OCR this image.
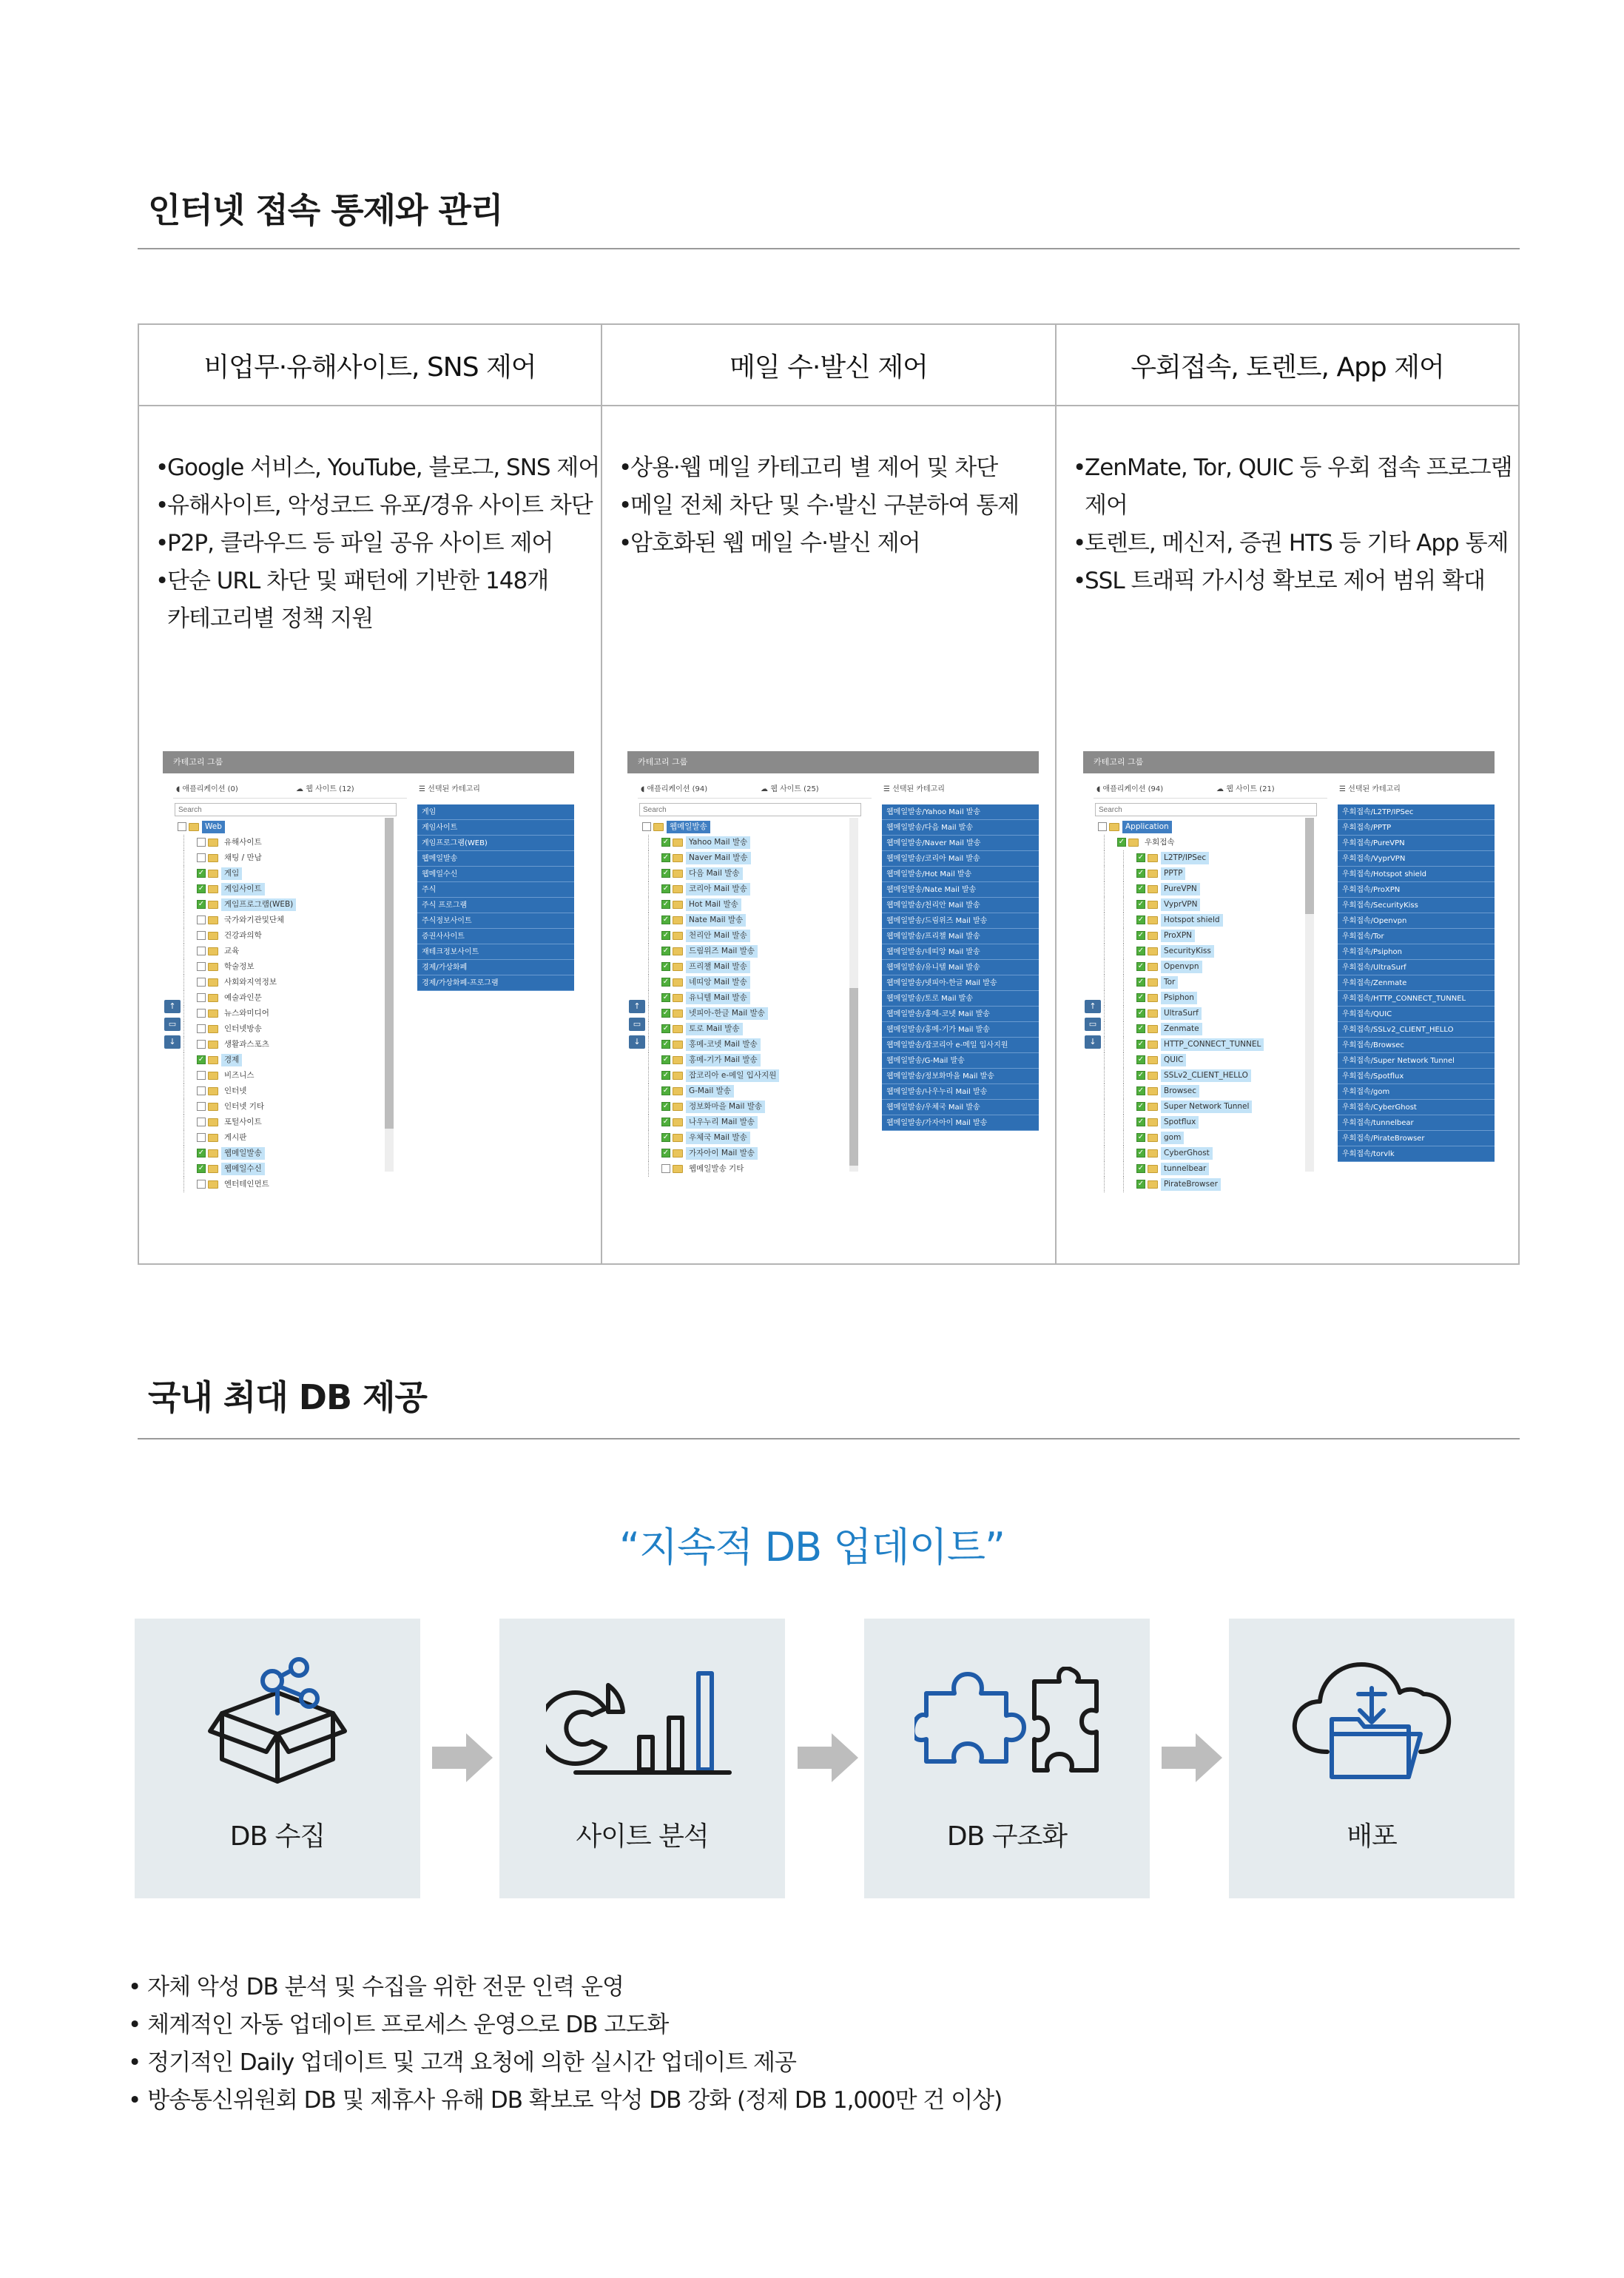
인터넷 접속 통제와 관리
비업무·유해사이트, SNS 제어
•Google 서비스, YouTube, 블로그, SNS 제어
•유해사이트, 악성코드 유포/경유 사이트 차단
•P2P, 클라우드 등 파일 공유 사이트 제어
•단순 URL 차단 및 패턴에 기반한 148개
카테고리별 정책 지원
메일 수·발신 제어
•상용·웹 메일 카테고리 별 제어 및 차단
•메일 전체 차단 및 수·발신 구분하여 통제
•암호화된 웹 메일 수·발신 제어
우회접속, 토렌트, App 제어
•ZenMate, Tor, QUIC 등 우회 접속 프로그램
제어
•토렌트, 메신저, 증권 HTS 등 기타 App 통제
•SSL 트래픽 가시성 확보로 제어 범위 확대
카테고리 그룹
◖ 애플리케이션 (0)	☁ 웹 사이트 (12)	☰ 선택된 카테고리
Search
Web
유해사이트
채팅 / 만남
✓	게임
✓	게임사이트
✓	게임프로그램(WEB)
국가와기관및단체
건강과의학
교육
학술정보
사회와지역정보
예술과인문
뉴스와미디어
인터넷방송
생활과스포츠
✓	경제
비즈니스
인터넷
인터넷 기타
포털사이트
게시판
✓	웹메일발송
✓	웹메일수신
엔터테인먼트
↑
▭
↓
게임
게임사이트
게임프로그램(WEB)
웹메일발송
웹메일수신
주식
주식 프로그램
주식정보사이트
증권사사이트
재테크정보사이트
경제/가상화폐
경제/가상화폐-프로그램
카테고리 그룹
◖ 애플리케이션 (94)	☁ 웹 사이트 (25)	☰ 선택된 카테고리
Search
웹메일발송
✓	Yahoo Mail 발송
✓	Naver Mail 발송
✓	다음 Mail 발송
✓	코리아 Mail 발송
✓	Hot Mail 발송
✓	Nate Mail 발송
✓	천리안 Mail 발송
✓	드림위즈 Mail 발송
✓	프리챌 Mail 발송
✓	네띠앙 Mail 발송
✓	유니텔 Mail 발송
✓	넷피아-한글 Mail 발송
✓	토로 Mail 발송
✓	홍메-코넷 Mail 발송
✓	홍메-기가 Mail 발송
✓	잡코리아 e-메일 입사지원
✓	G-Mail 발송
✓	정보화마을 Mail 발송
✓	나우누리 Mail 발송
✓	우체국 Mail 발송
✓	가자아이 Mail 발송
웹메일발송 기타
↑
▭
↓
웹메일발송/Yahoo Mail 발송
웹메일발송/다음 Mail 발송
웹메일발송/Naver Mail 발송
웹메일발송/코리아 Mail 발송
웹메일발송/Hot Mail 발송
웹메일발송/Nate Mail 발송
웹메일발송/천리안 Mail 발송
웹메일발송/드림위즈 Mail 발송
웹메일발송/프리챌 Mail 발송
웹메일발송/네띠앙 Mail 발송
웹메일발송/유니텔 Mail 발송
웹메일발송/넷피아-한글 Mail 발송
웹메일발송/토로 Mail 발송
웹메일발송/홍메-코넷 Mail 발송
웹메일발송/홍메-기가 Mail 발송
웹메일발송/잡코리아 e-메일 입사지원
웹메일발송/G-Mail 발송
웹메일발송/정보화마을 Mail 발송
웹메일발송/나우누리 Mail 발송
웹메일발송/우체국 Mail 발송
웹메일발송/가자아이 Mail 발송
카테고리 그룹
◖ 애플리케이션 (94)	☁ 웹 사이트 (21)	☰ 선택된 카테고리
Search
Application
✓	우회접속
✓	L2TP/IPSec
✓	PPTP
✓	PureVPN
✓	VyprVPN
✓	Hotspot shield
✓	ProXPN
✓	SecurityKiss
✓	Openvpn
✓	Tor
✓	Psiphon
✓	UltraSurf
✓	Zenmate
✓	HTTP_CONNECT_TUNNEL
✓	QUIC
✓	SSLv2_CLIENT_HELLO
✓	Browsec
✓	Super Network Tunnel
✓	Spotflux
✓	gom
✓	CyberGhost
✓	tunnelbear
✓	PirateBrowser
↑
▭
↓
우회접속/L2TP/IPSec
우회접속/PPTP
우회접속/PureVPN
우회접속/VyprVPN
우회접속/Hotspot shield
우회접속/ProXPN
우회접속/SecurityKiss
우회접속/Openvpn
우회접속/Tor
우회접속/Psiphon
우회접속/UltraSurf
우회접속/Zenmate
우회접속/HTTP_CONNECT_TUNNEL
우회접속/QUIC
우회접속/SSLv2_CLIENT_HELLO
우회접속/Browsec
우회접속/Super Network Tunnel
우회접속/Spotflux
우회접속/gom
우회접속/CyberGhost
우회접속/tunnelbear
우회접속/PirateBrowser
우회접속/torvlk
국내 최대 DB 제공
“지속적 DB 업데이트”
DB 수집	사이트 분석	DB 구조화	배포
• 자체 악성 DB 분석 및 수집을 위한 전문 인력 운영
• 체계적인 자동 업데이트 프로세스 운영으로 DB 고도화
• 정기적인 Daily 업데이트 및 고객 요청에 의한 실시간 업데이트 제공
• 방송통신위원회 DB 및 제휴사 유해 DB 확보로 악성 DB 강화 (정제 DB 1,000만 건 이상)
